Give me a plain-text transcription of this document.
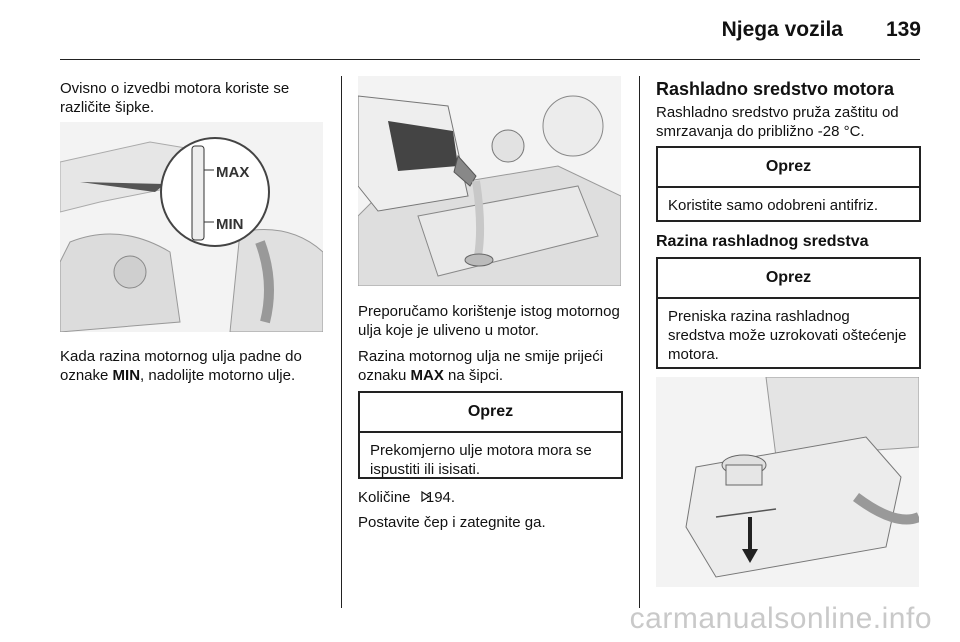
Njega vozila 139
Ovisno o izvedbi motora koriste se različite šipke.
MAX
MIN
Kada razina motornog ulja padne do oznake MIN, nadolijte motorno ulje.
Preporučamo korištenje istog motornog ulja koje je uliveno u motor.
Razina motornog ulja ne smije prijeći oznaku MAX na šipci.
Oprez
Prekomjerno ulje motora mora se ispustiti ili isisati.
Količine 194.
Postavite čep i zategnite ga.
Rashladno sredstvo motora
Rashladno sredstvo pruža zaštitu od smrzavanja do približno -28 °C.
Oprez
Koristite samo odobreni antifriz.
Razina rashladnog sredstva
Oprez
Preniska razina rashladnog sredstva može uzrokovati oštećenje motora.
carmanualsonline.info
